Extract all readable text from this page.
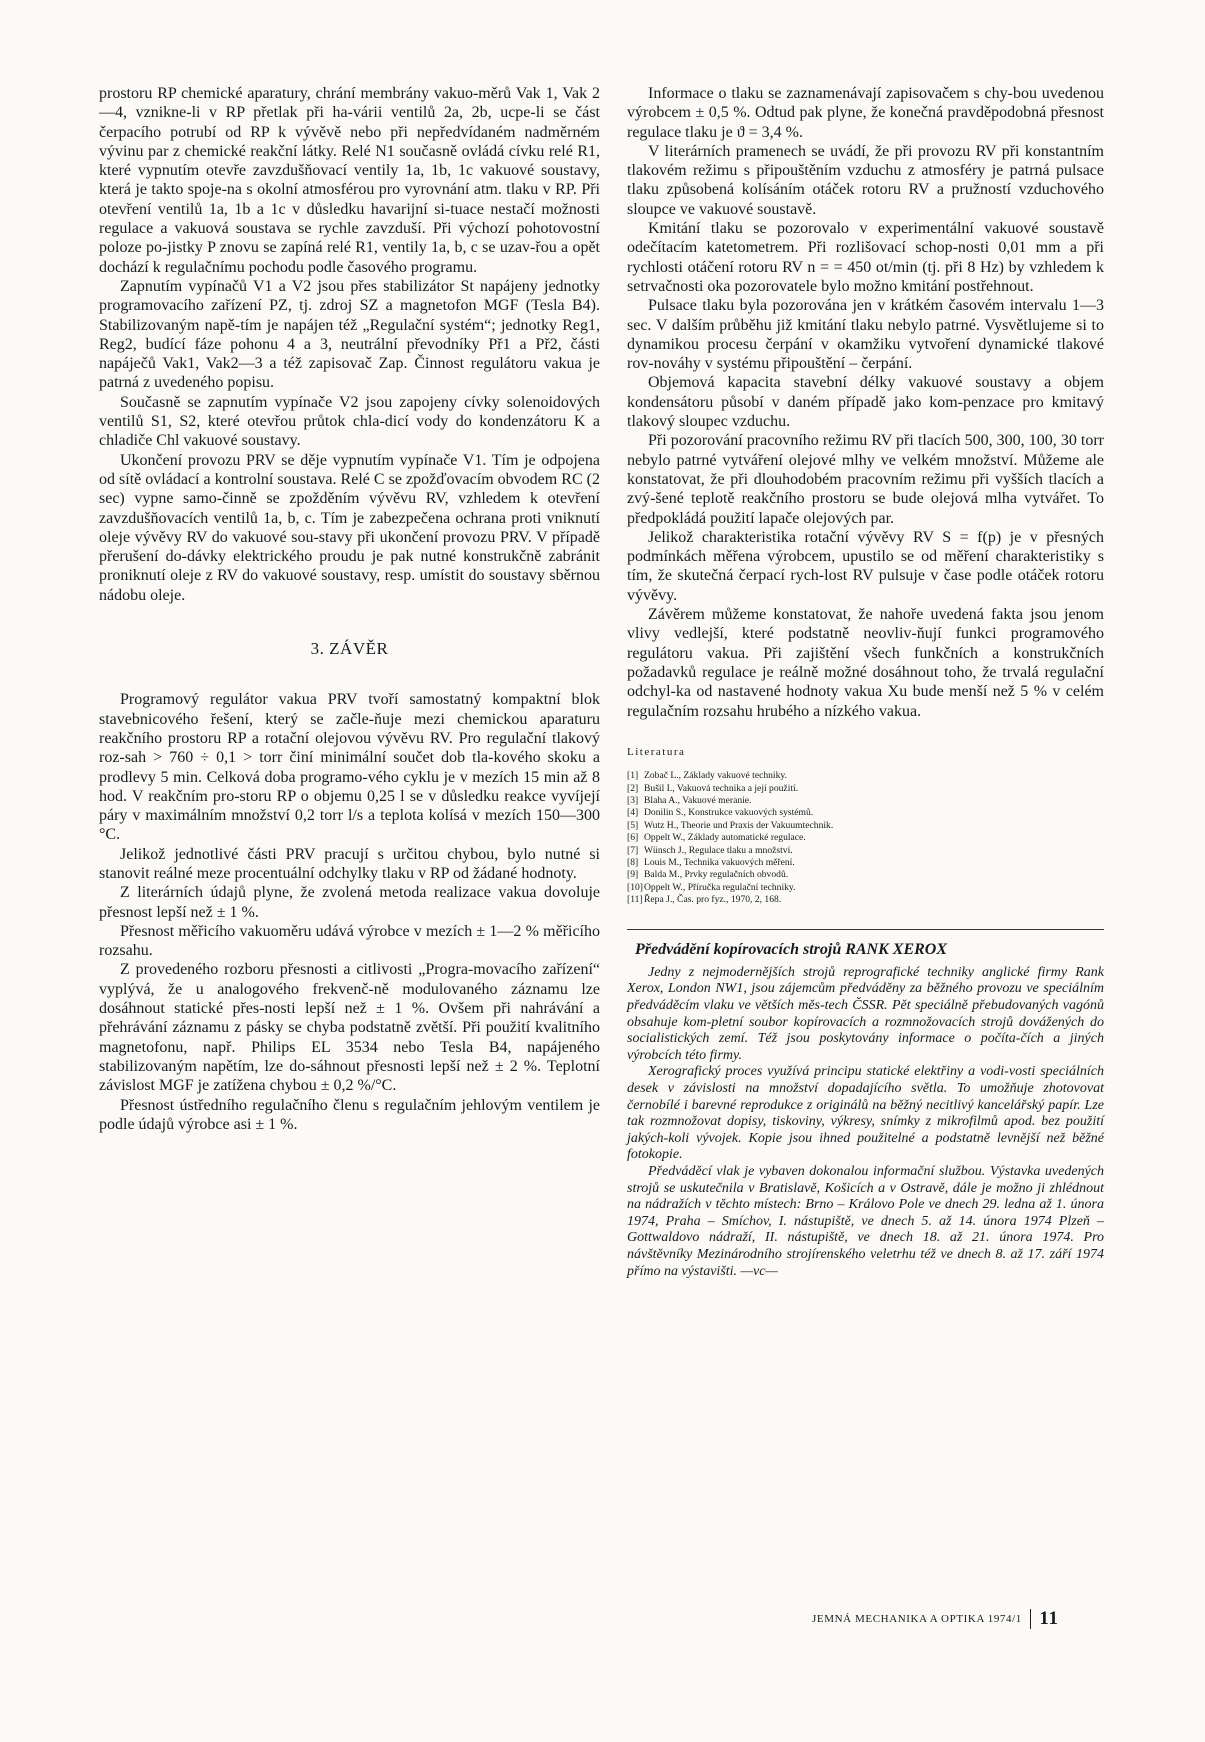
prostoru RP chemické aparatury, chrání membrány vakuo-měrů Vak 1, Vak 2—4, vznikne-li v RP přetlak při ha-várii ventilů 2a, 2b, ucpe-li se část čerpacího potrubí od RP k vývěvě nebo při nepředvídaném nadměrném vývinu par z chemické reakční látky. Relé N1 současně ovládá cívku relé R1, které vypnutím otevře zavzdušňovací ventily 1a, 1b, 1c vakuové soustavy, která je takto spoje-na s okolní atmosférou pro vyrovnání atm. tlaku v RP. Při otevření ventilů 1a, 1b a 1c v důsledku havarijní si-tuace nestačí možnosti regulace a vakuová soustava se rychle zavzduší. Při výchozí pohotovostní poloze po-jistky P znovu se zapíná relé R1, ventily 1a, b, c se uzav-řou a opět dochází k regulačnímu pochodu podle časového programu.

Zapnutím vypínačů V1 a V2 jsou přes stabilizátor St napájeny jednotky programovacího zařízení PZ, tj. zdroj SZ a magnetofon MGF (Tesla B4). Stabilizovaným napě-tím je napájen též „Regulační systém“; jednotky Reg1, Reg2, budící fáze pohonu 4 a 3, neutrální převodníky Př1 a Př2, části napáječů Vak1, Vak2—3 a též zapisovač Zap. Činnost regulátoru vakua je patrná z uvedeného popisu.

Současně se zapnutím vypínače V2 jsou zapojeny cívky solenoidových ventilů S1, S2, které otevřou průtok chla-dicí vody do kondenzátoru K a chladiče Chl vakuové soustavy.

Ukončení provozu PRV se děje vypnutím vypínače V1. Tím je odpojena od sítě ovládací a kontrolní soustava. Relé C se zpožďovacím obvodem RC (2 sec) vypne samo-činně se zpožděním vývěvu RV, vzhledem k otevření zavzdušňovacích ventilů 1a, b, c. Tím je zabezpečena ochrana proti vniknutí oleje vývěvy RV do vakuové sou-stavy při ukončení provozu PRV. V případě přerušení do-dávky elektrického proudu je pak nutné konstrukčně zabránit proniknutí oleje z RV do vakuové soustavy, resp. umístit do soustavy sběrnou nádobu oleje.

3. ZÁVĚR

Programový regulátor vakua PRV tvoří samostatný kompaktní blok stavebnicového řešení, který se začle-ňuje mezi chemickou aparaturu reakčního prostoru RP a rotační olejovou vývěvu RV. Pro regulační tlakový roz-sah > 760 ÷ 0,1 > torr činí minimální součet dob tla-kového skoku a prodlevy 5 min. Celková doba programo-vého cyklu je v mezích 15 min až 8 hod. V reakčním pro-storu RP o objemu 0,25 l se v důsledku reakce vyvíjejí páry v maximálním množství 0,2 torr l/s a teplota kolísá v mezích 150—300 °C.

Jelikož jednotlivé části PRV pracují s určitou chybou, bylo nutné si stanovit reálné meze procentuální odchylky tlaku v RP od žádané hodnoty.

Z literárních údajů plyne, že zvolená metoda realizace vakua dovoluje přesnost lepší než ± 1 %.

Přesnost měřicího vakuoměru udává výrobce v mezích ± 1—2 % měřicího rozsahu.

Z provedeného rozboru přesnosti a citlivosti „Progra-movacího zařízení“ vyplývá, že u analogového frekvenč-ně modulovaného záznamu lze dosáhnout statické přes-nosti lepší než ± 1 %. Ovšem při nahrávání a přehrávání záznamu z pásky se chyba podstatně zvětší. Při použití kvalitního magnetofonu, např. Philips EL 3534 nebo Tesla B4, napájeného stabilizovaným napětím, lze do-sáhnout přesnosti lepší než ± 2 %. Teplotní závislost MGF je zatížena chybou ± 0,2 %/°C.

Přesnost ústředního regulačního členu s regulačním jehlovým ventilem je podle údajů výrobce asi ± 1 %.

Informace o tlaku se zaznamenávají zapisovačem s chy-bou uvedenou výrobcem ± 0,5 %. Odtud pak plyne, že konečná pravděpodobná přesnost regulace tlaku je ϑ = 3,4 %.

V literárních pramenech se uvádí, že při provozu RV při konstantním tlakovém režimu s připouštěním vzduchu z atmosféry je patrná pulsace tlaku způsobená kolísáním otáček rotoru RV a pružností vzduchového sloupce ve vakuové soustavě.

Kmitání tlaku se pozorovalo v experimentální vakuové soustavě odečítacím katetometrem. Při rozlišovací schop-nosti 0,01 mm a při rychlosti otáčení rotoru RV n = = 450 ot/min (tj. při 8 Hz) by vzhledem k setrvačnosti oka pozorovatele bylo možno kmitání postřehnout.

Pulsace tlaku byla pozorována jen v krátkém časovém intervalu 1—3 sec. V dalším průběhu již kmitání tlaku nebylo patrné. Vysvětlujeme si to dynamikou procesu čerpání v okamžiku vytvoření dynamické tlakové rov-nováhy v systému připouštění – čerpání.

Objemová kapacita stavební délky vakuové soustavy a objem kondensátoru působí v daném případě jako kom-penzace pro kmitavý tlakový sloupec vzduchu.

Při pozorování pracovního režimu RV při tlacích 500, 300, 100, 30 torr nebylo patrné vytváření olejové mlhy ve velkém množství. Můžeme ale konstatovat, že při dlouhodobém pracovním režimu při vyšších tlacích a zvý-šené teplotě reakčního prostoru se bude olejová mlha vytvářet. To předpokládá použití lapače olejových par.

Jelikož charakteristika rotační vývěvy RV S = f(p) je v přesných podmínkách měřena výrobcem, upustilo se od měření charakteristiky s tím, že skutečná čerpací rych-lost RV pulsuje v čase podle otáček rotoru vývěvy.

Závěrem můžeme konstatovat, že nahoře uvedená fakta jsou jenom vlivy vedlejší, které podstatně neovliv-ňují funkci programového regulátoru vakua. Při zajištění všech funkčních a konstrukčních požadavků regulace je reálně možné dosáhnout toho, že trvalá regulační odchyl-ka od nastavené hodnoty vakua Xu bude menší než 5 % v celém regulačním rozsahu hrubého a nízkého vakua.

Literatura
[1] Zobač L., Základy vakuové techniky.
[2] Bušil I., Vakuová technika a její použití.
[3] Blaha A., Vakuové meranie.
[4] Donilin S., Konstrukce vakuových systémů.
[5] Wutz H., Theorie und Praxis der Vakuumtechnik.
[6] Oppelt W., Základy automatické regulace.
[7] Wünsch J., Regulace tlaku a množství.
[8] Louis M., Technika vakuových měření.
[9] Balda M., Prvky regulačních obvodů.
[10]Oppelt W., Příručka regulační techniky.
[11]Řepa J., Čas. pro fyz., 1970, 2, 168.
Předvádění kopírovacích strojů RANK XEROX

Jedny z nejmodernějších strojů reprografické techniky anglické firmy Rank Xerox, London NW1, jsou zájemcům předváděny za běžného provozu ve speciálním předváděcím vlaku ve větších měs-tech ČSSR. Pět speciálně přebudovaných vagónů obsahuje kom-pletní soubor kopírovacích a rozmnožovacích strojů dovážených do socialistických zemí. Též jsou poskytovány informace o počíta-čích a jiných výrobcích této firmy.

Xerografický proces využívá principu statické elektřiny a vodi-vosti speciálních desek v závislosti na množství dopadajícího světla. To umožňuje zhotovovat černobílé i barevné reprodukce z originálů na běžný necitlivý kancelářský papír. Lze tak rozmnožovat dopisy, tiskoviny, výkresy, snímky z mikrofilmů apod. bez použití jakých-koli vývojek. Kopie jsou ihned použitelné a podstatně levnější než běžné fotokopie.

Předváděcí vlak je vybaven dokonalou informační službou. Výstavka uvedených strojů se uskutečnila v Bratislavě, Košicích a v Ostravě, dále je možno ji zhlédnout na nádražích v těchto místech: Brno – Královo Pole ve dnech 29. ledna až 1. února 1974, Praha – Smíchov, I. nástupiště, ve dnech 5. až 14. února 1974 Plzeň – Gottwaldovo nádraží, II. nástupiště, ve dnech 18. až 21. února 1974. Pro návštěvníky Mezinárodního strojírenského veletrhu též ve dnech 8. až 17. září 1974 přímo na výstavišti. —vc—

JEMNÁ MECHANIKA A OPTIKA 1974/1 11
